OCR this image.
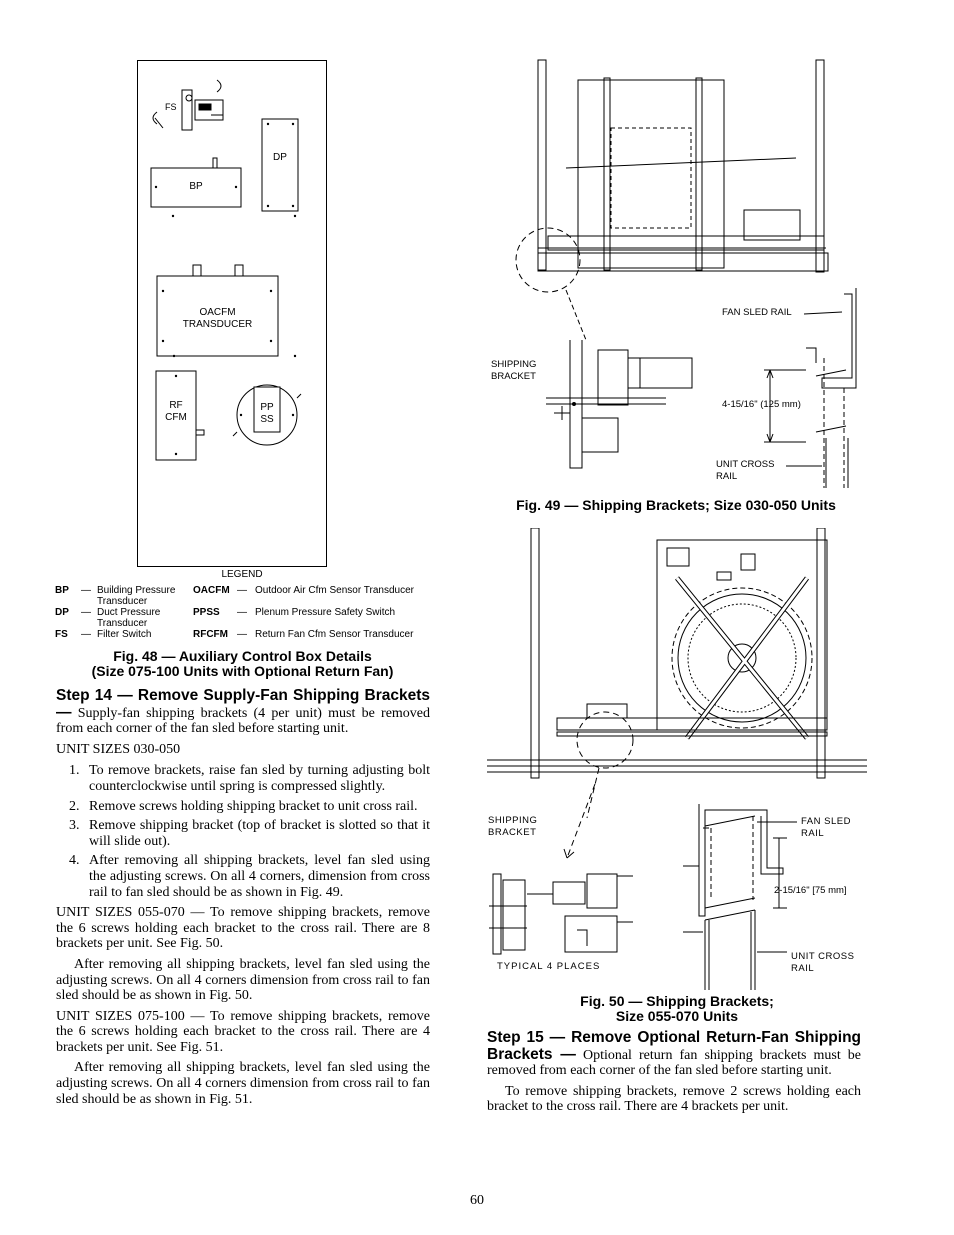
FS
DP
BP
OACFM
TRANSDUCER
RF
CFM
PP
SS
LEGEND
BP	—	Building Pressure Transducer	OACFM	—	Outdoor Air Cfm Sensor Transducer
DP	—	Duct Pressure Transducer	PPSS	—	Plenum Pressure Safety Switch
FS	—	Filter Switch	RFCFM	—	Return Fan Cfm Sensor Transducer
Fig. 48 — Auxiliary Control Box Details
(Size 075-100 Units with Optional Return Fan)

Step 14 — Remove Supply-Fan Shipping Brackets — Supply-fan shipping brackets (4 per unit) must be removed from each corner of the fan sled before starting unit.

UNIT SIZES 030-050

1. To remove brackets, raise fan sled by turning adjusting bolt counterclockwise until spring is compressed slightly.
2. Remove screws holding shipping bracket to unit cross rail.
3. Remove shipping bracket (top of bracket is slotted so that it will slide out).
4. After removing all shipping brackets, level fan sled using the adjusting screws. On all 4 corners, dimension from cross rail to fan sled should be as shown in Fig. 49.

UNIT SIZES 055-070 — To remove shipping brackets, remove the 6 screws holding each bracket to the cross rail. There are 8 brackets per unit. See Fig. 50.

After removing all shipping brackets, level fan sled using the adjusting screws. On all 4 corners dimension from cross rail to fan sled should be as shown in Fig. 50.

UNIT SIZES 075-100 — To remove shipping brackets, remove the 6 screws holding each bracket to the cross rail. There are 4 brackets per unit. See Fig. 51.

After removing all shipping brackets, level fan sled using the adjusting screws. On all 4 corners dimension from cross rail to fan sled should be as shown in Fig. 51.

FAN SLED RAIL
SHIPPING
BRACKET
4-15/16" (125 mm)
UNIT CROSS
RAIL
Fig. 49 — Shipping Brackets; Size 030-050 Units
SHIPPING
BRACKET
FAN SLED
RAIL
2-15/16" [75 mm]
UNIT CROSS
RAIL
TYPICAL 4 PLACES
Fig. 50 — Shipping Brackets;
Size 055-070 Units

Step 15 — Remove Optional Return-Fan Shipping Brackets — Optional return fan shipping brackets must be removed from each corner of the fan sled before starting unit.

To remove shipping brackets, remove 2 screws holding each bracket to the cross rail. There are 4 brackets per unit.

60
